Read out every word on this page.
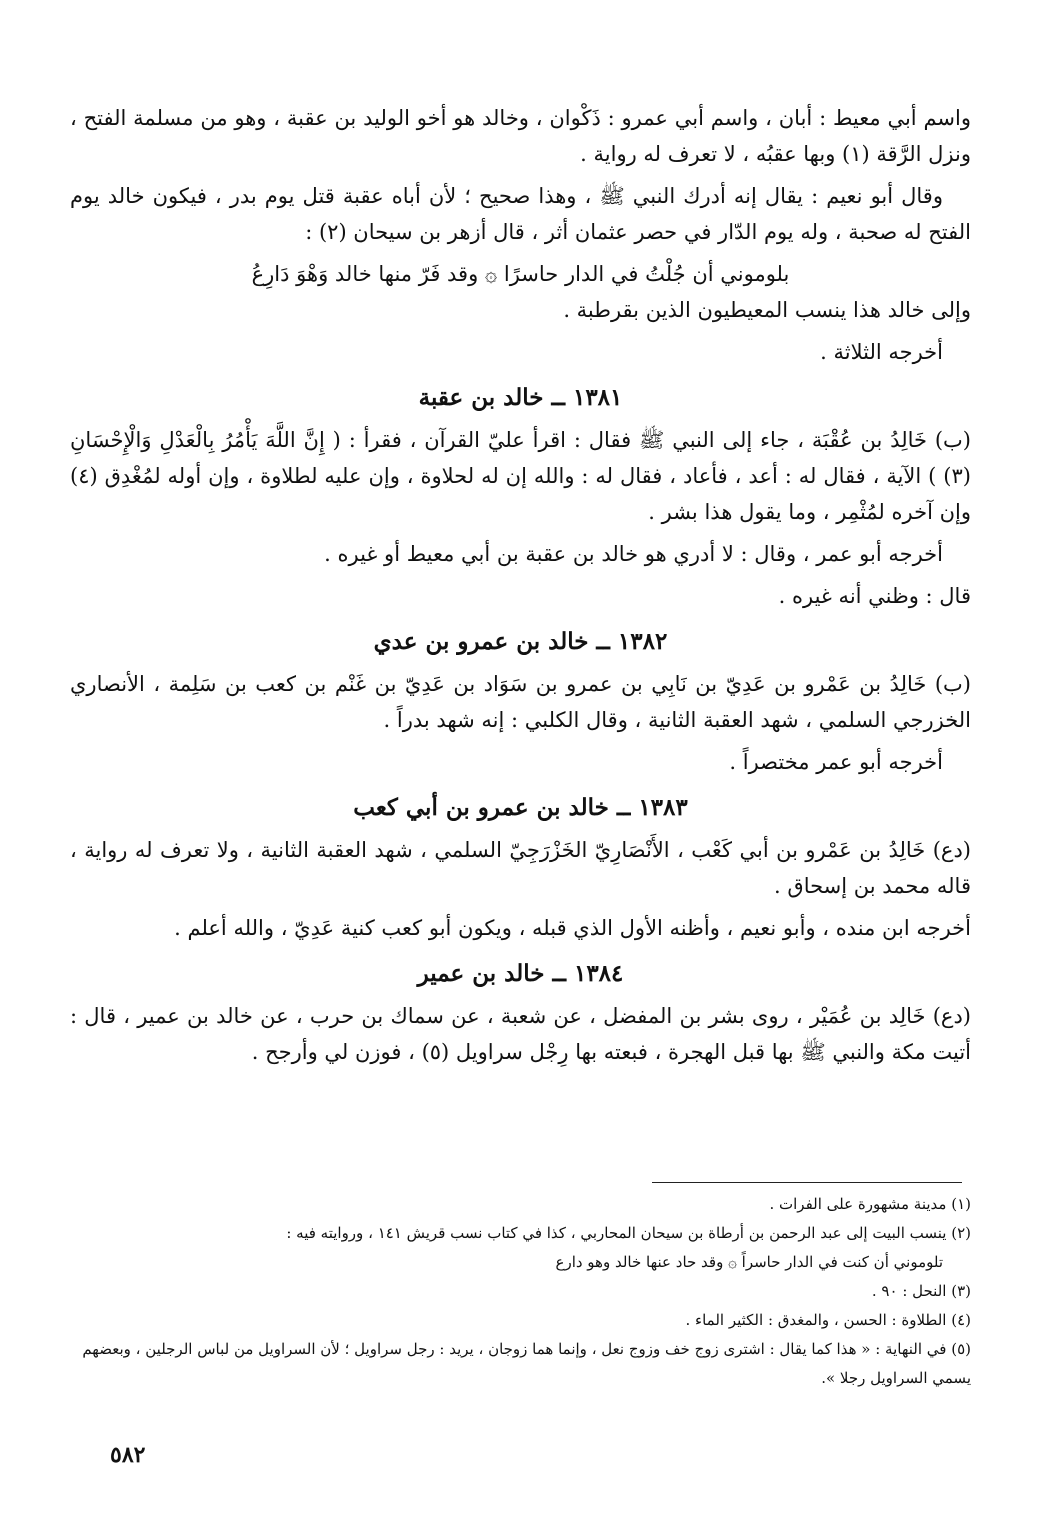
واسم أبي معيط : أبان ، واسم أبي عمرو : ذَكْوان ، وخالد هو أخو الوليد بن عقبة ، وهو من مسلمة الفتح ، ونزل الرَّقة (١) وبها عقبُه ، لا تعرف له رواية .

وقال أبو نعيم : يقال إنه أدرك النبي ﷺ ، وهذا صحيح ؛ لأن أباه عقبة قتل يوم بدر ، فيكون خالد يوم الفتح له صحبة ، وله يوم الدّار في حصر عثمان أثر ، قال أزهر بن سيحان (٢) :

بلوموني أن جُلْتُ في الدار حاسرًا ۞ وقد فَرّ منها خالد وَهْوَ دَارِعُ

وإلى خالد هذا ينسب المعيطيون الذين بقرطبة .

أخرجه الثلاثة .

١٣٨١ ــ خالد بن عقبة

(ب) خَالِدُ بن عُقْبَة ، جاء إلى النبي ﷺ فقال : اقرأ عليّ القرآن ، فقرأ : ( إِنَّ اللَّهَ يَأْمُرُ بِالْعَدْلِ وَالْإِحْسَانِ (٣) ) الآية ، فقال له : أعد ، فأعاد ، فقال له : والله إن له لحلاوة ، وإن عليه لطلاوة ، وإن أوله لمُغْدِق (٤) وإن آخره لمُثْمِر ، وما يقول هذا بشر .

أخرجه أبو عمر ، وقال : لا أدري هو خالد بن عقبة بن أبي معيط أو غيره .

قال : وظني أنه غيره .

١٣٨٢ ــ خالد بن عمرو بن عدي

(ب) خَالِدُ بن عَمْرو بن عَدِيّ بن نَابِي بن عمرو بن سَوَاد بن عَدِيّ بن غَنْم بن كعب بن سَلِمة ، الأنصاري الخزرجي السلمي ، شهد العقبة الثانية ، وقال الكلبي : إنه شهد بدراً .

أخرجه أبو عمر مختصراً .

١٣٨٣ ــ خالد بن عمرو بن أبي كعب

(دع) خَالِدُ بن عَمْرو بن أبي كَعْب ، الأَنْصَارِيّ الخَزْرَجِيّ السلمي ، شهد العقبة الثانية ، ولا تعرف له رواية ، قاله محمد بن إسحاق .

أخرجه ابن منده ، وأبو نعيم ، وأظنه الأول الذي قبله ، ويكون أبو كعب كنية عَدِيّ ، والله أعلم .

١٣٨٤ ــ خالد بن عمير

(دع) خَالِد بن عُمَيْر ، روى بشر بن المفضل ، عن شعبة ، عن سماك بن حرب ، عن خالد بن عمير ، قال : أتيت مكة والنبي ﷺ بها قبل الهجرة ، فبعته بها رِجْل سراويل (٥) ، فوزن لي وأرجح .

(١) مدينة مشهورة على الفرات .

(٢) ينسب البيت إلى عبد الرحمن بن أرطاة بن سيحان المحاربي ، كذا في كتاب نسب قريش ١٤١ ، وروايته فيه :

تلوموني أن كنت في الدار حاسراً ۞ وقد حاد عنها خالد وهو دارع

(٣) النحل : ٩٠ .

(٤) الطلاوة : الحسن ، والمغدق : الكثير الماء .

(٥) في النهاية : « هذا كما يقال : اشترى زوج خف وزوج نعل ، وإنما هما زوجان ، يريد : رجل سراويل ؛ لأن السراويل من لباس الرجلين ، وبعضهم يسمي السراويل رجلا ».

٥٨٢
